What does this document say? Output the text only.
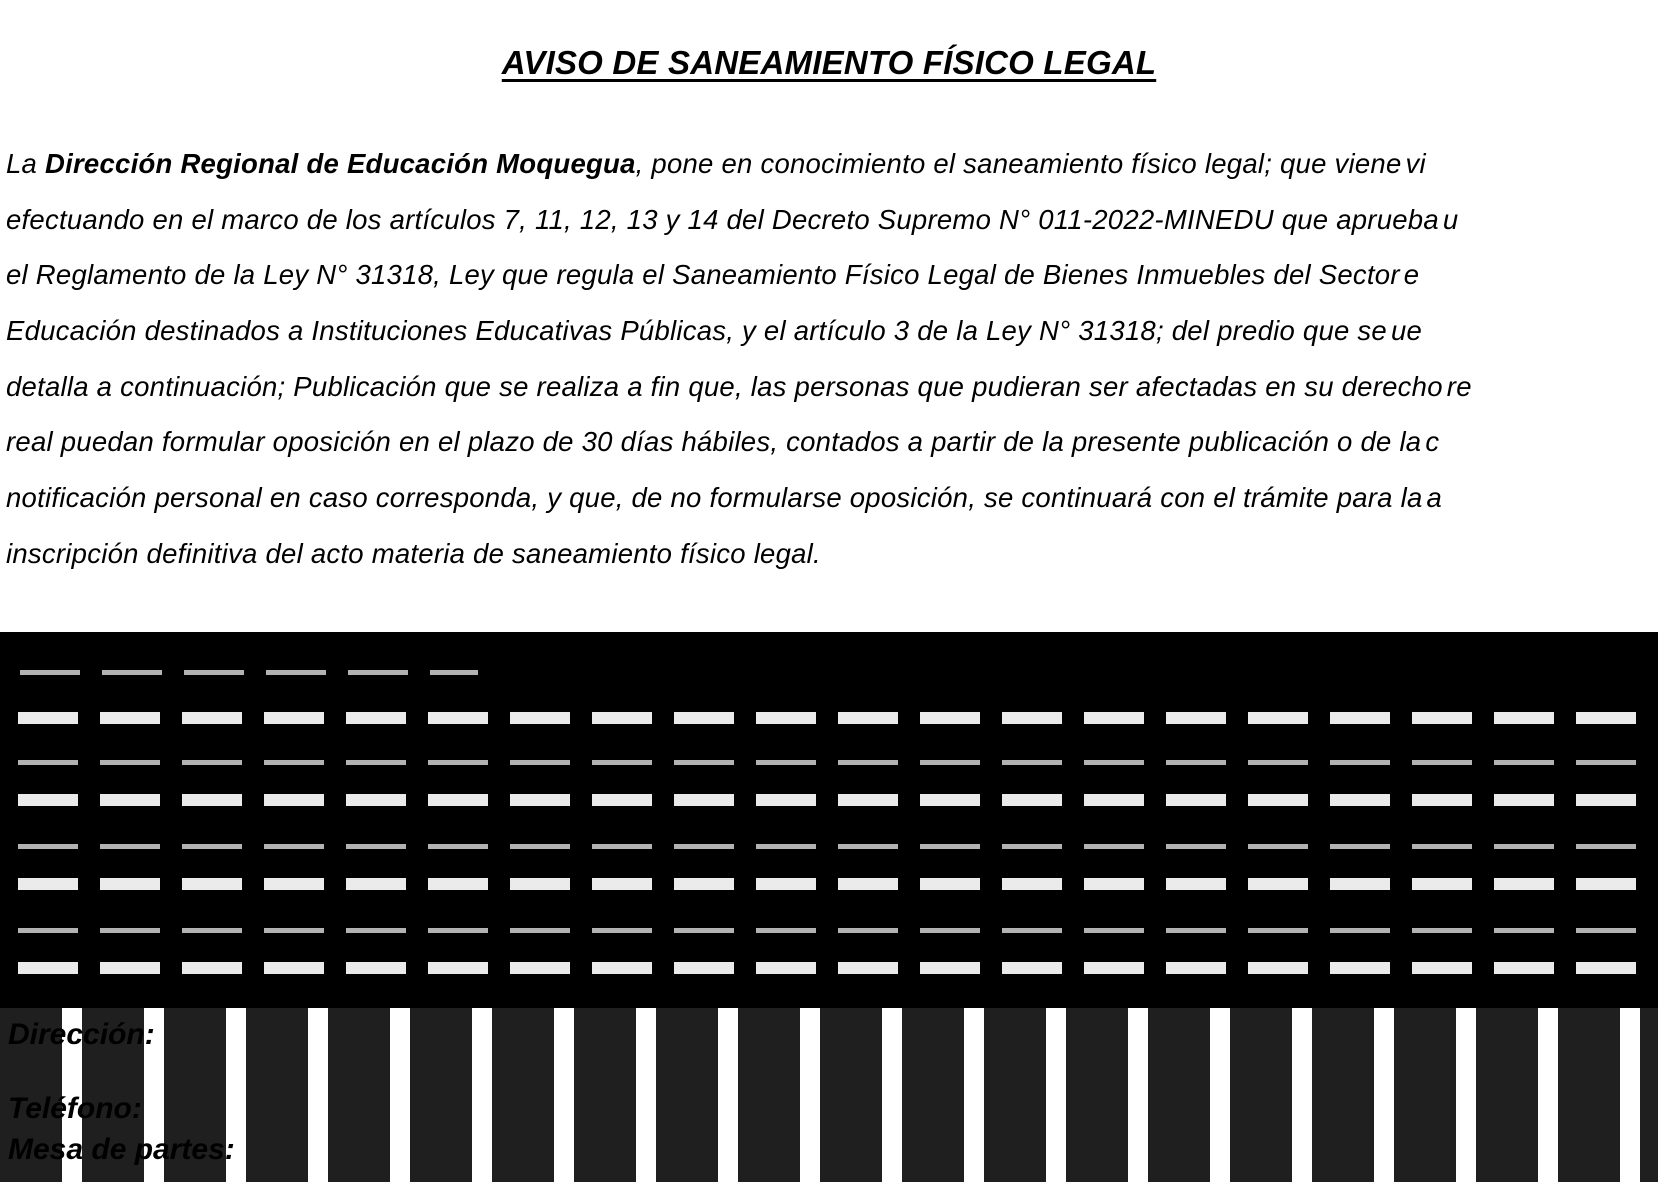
AVISO DE SANEAMIENTO FÍSICO LEGAL
La Dirección Regional de Educación Moquegua, pone en conocimiento el saneamiento físico legal; que viene vi
efectuando en el marco de los artículos 7, 11, 12, 13 y 14 del Decreto Supremo N° 011-2022-MINEDU que aprueba u
el Reglamento de la Ley N° 31318, Ley que regula el Saneamiento Físico Legal de Bienes Inmuebles del Sector e
Educación destinados a Instituciones Educativas Públicas, y el artículo 3 de la Ley N° 31318; del predio que se ue
detalla a continuación; Publicación que se realiza a fin que, las personas que pudieran ser afectadas en su derecho re
real puedan formular oposición en el plazo de 30 días hábiles, contados a partir de la presente publicación o de la c
notificación personal en caso corresponda, y que, de no formularse oposición, se continuará con el trámite para la a
inscripción definitiva del acto materia de saneamiento físico legal.
Dirección:
Teléfono:
Mesa de partes:
